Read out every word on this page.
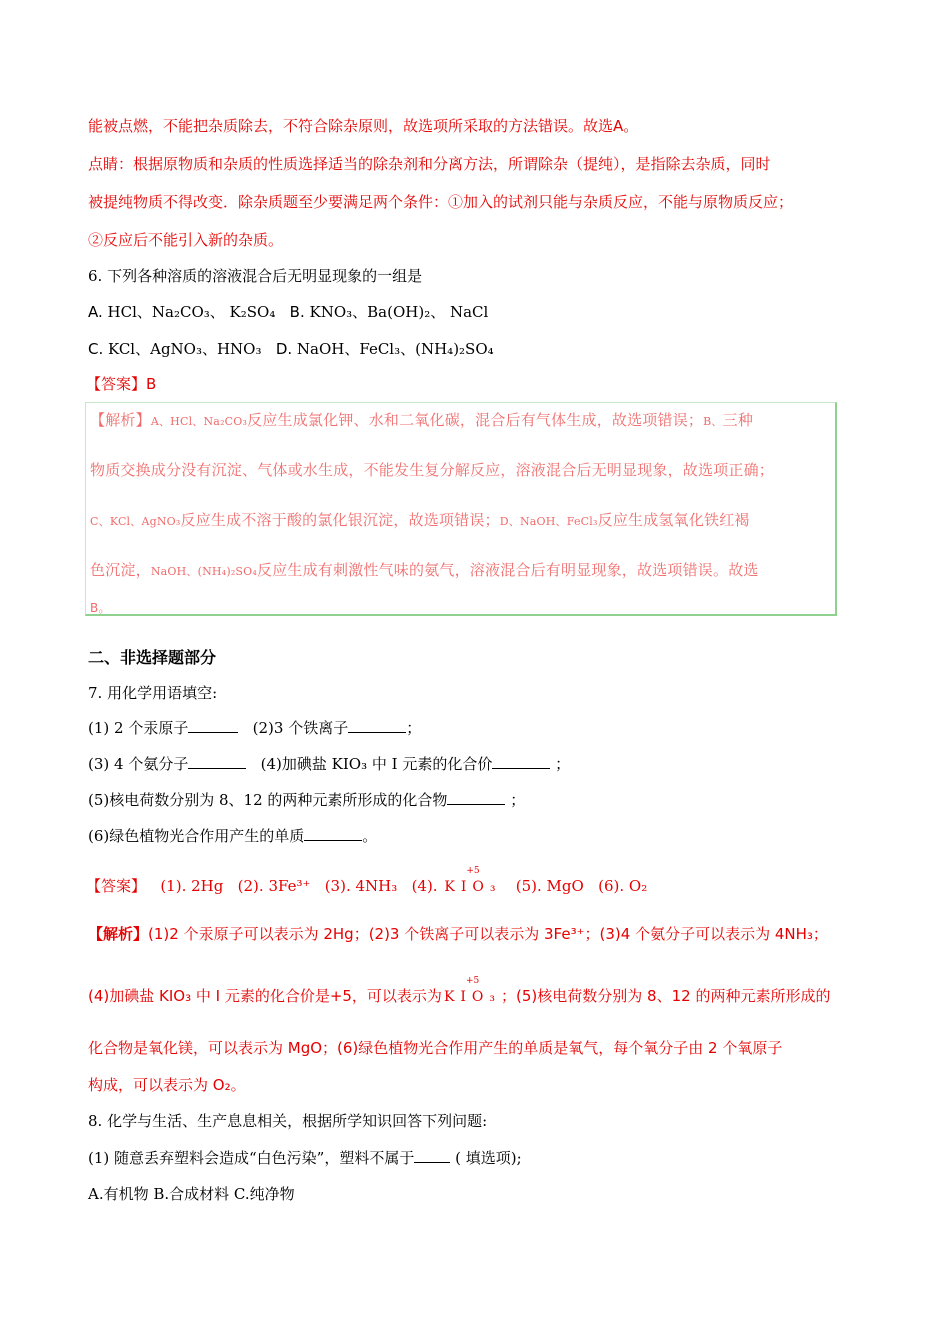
能被点燃，不能把杂质除去，不符合除杂原则，故选项所采取的方法错误。故选A。
点睛：根据原物质和杂质的性质选择适当的除杂剂和分离方法，所谓除杂（提纯），是指除去杂质，同时
被提纯物质不得改变．除杂质题至少要满足两个条件：①加入的试剂只能与杂质反应，不能与原物质反应；
②反应后不能引入新的杂质。
6. 下列各种溶质的溶液混合后无明显现象的一组是
A. HCl、Na₂CO₃、 K₂SO₄ B. KNO₃、Ba(OH)₂、 NaCl
C. KCl、AgNO₃、HNO₃ D. NaOH、FeCl₃、(NH₄)₂SO₄
【答案】B
【解析】A、HCl、Na₂CO₃反应生成氯化钾、水和二氧化碳，混合后有气体生成，故选项错误；B、三种
物质交换成分没有沉淀、气体或水生成，不能发生复分解反应，溶液混合后无明显现象，故选项正确；
C、KCl、AgNO₃反应生成不溶于酸的氯化银沉淀，故选项错误；D、NaOH、FeCl₃反应生成氢氧化铁红褐
色沉淀，NaOH、(NH₄)₂SO₄反应生成有刺激性气味的氨气，溶液混合后有明显现象，故选项错误。故选
B。
二、非选择题部分
7. 用化学用语填空:
(1) 2 个汞原子	(2)3 个铁离子	；
(3) 4 个氨分子	(4)加碘盐 KIO₃ 中 I 元素的化合价	；
(5)核电荷数分别为 8、12 的两种元素所形成的化合物	；
(6)绿色植物光合作用产生的单质	。
【答案】 (1). 2Hg (2). 3Fe³⁺ (3). 4NH₃ (4).
+5
KIO₃ (5). MgO (6). O₂
【解析】(1)2 个汞原子可以表示为 2Hg；(2)3 个铁离子可以表示为 3Fe³⁺；(3)4 个氨分子可以表示为 4NH₃；
(4)加碘盐 KIO₃ 中 I 元素的化合价是+5，可以表示为
+5
KIO₃；(5)核电荷数分别为 8、12 的两种元素所形成的
化合物是氧化镁，可以表示为 MgO；(6)绿色植物光合作用产生的单质是氧气，每个氧分子由 2 个氧原子
构成，可以表示为 O₂。
8. 化学与生活、生产息息相关，根据所学知识回答下列问题:
(1) 随意丢弃塑料会造成“白色污染”，塑料不属于	( 填选项);
A.有机物 B.合成材料 C.纯净物
